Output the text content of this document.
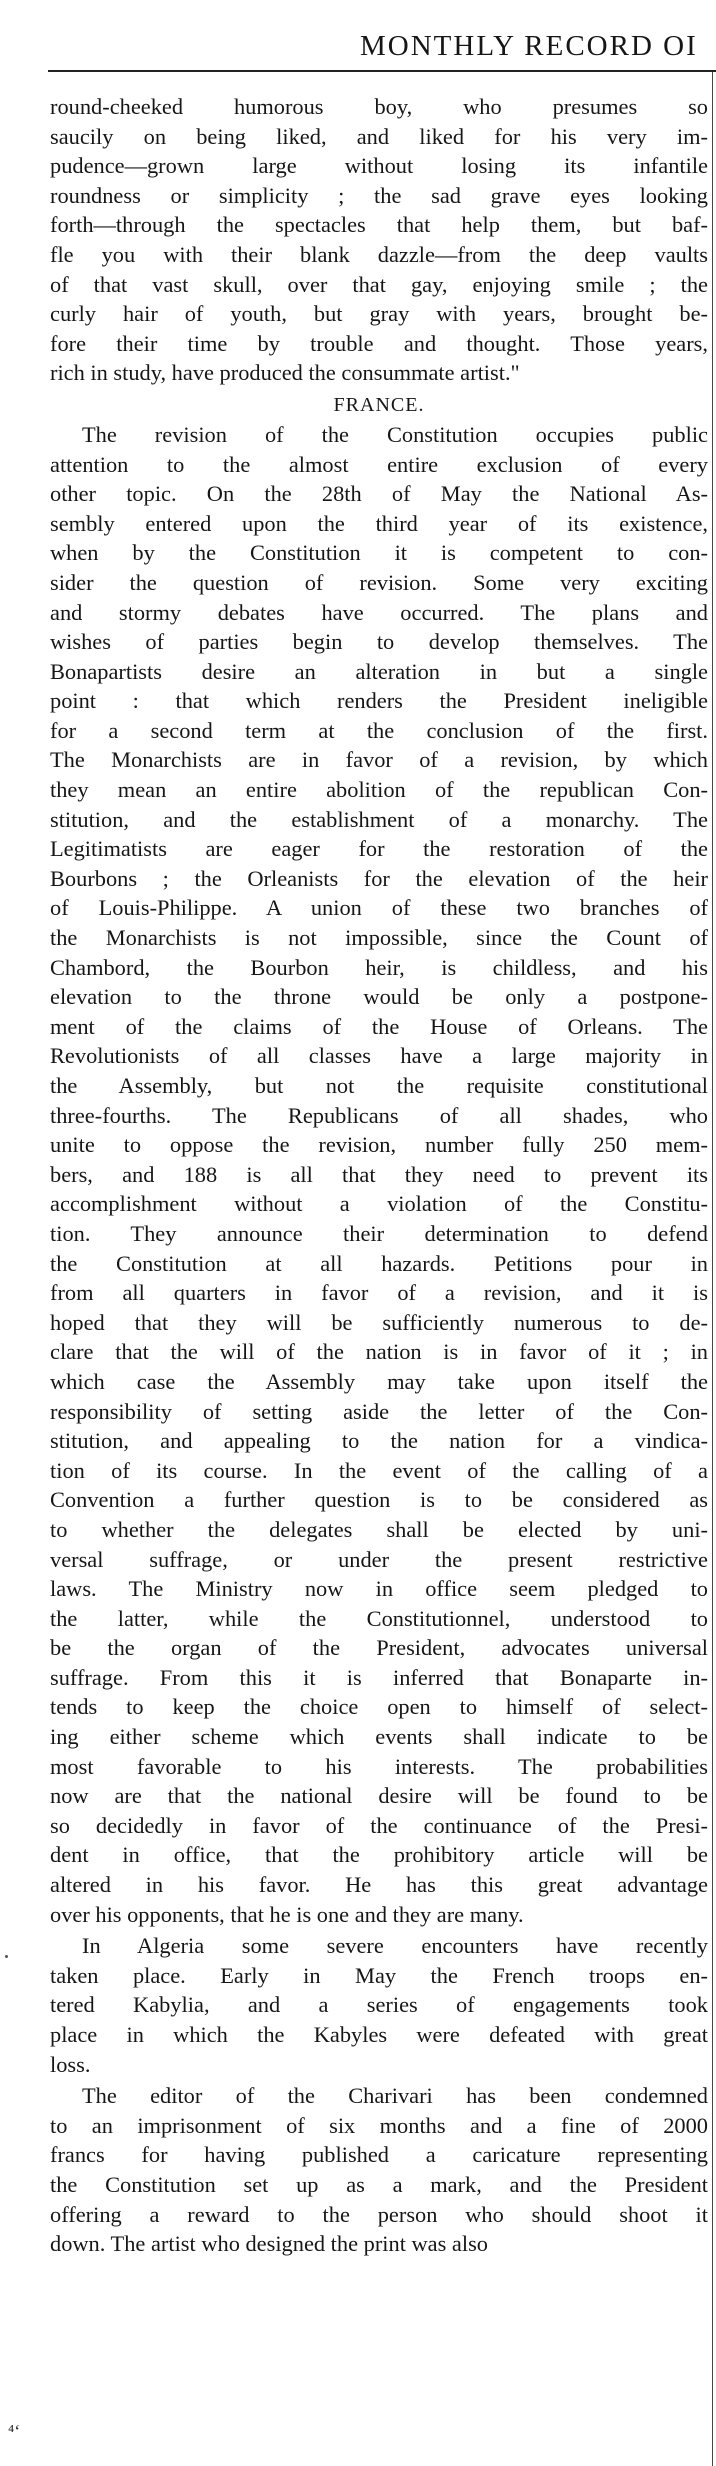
MONTHLY RECORD OI
round-cheeked humorous boy, who presumes so
saucily on being liked, and liked for his very im-
pudence—grown large without losing its infantile
roundness or simplicity ; the sad grave eyes looking
forth—through the spectacles that help them, but baf-
fle you with their blank dazzle—from the deep vaults
of that vast skull, over that gay, enjoying smile ; the
curly hair of youth, but gray with years, brought be-
fore their time by trouble and thought. Those years,
rich in study, have produced the consummate artist."
FRANCE.
The revision of the Constitution occupies public
attention to the almost entire exclusion of every
other topic. On the 28th of May the National As-
sembly entered upon the third year of its existence,
when by the Constitution it is competent to con-
sider the question of revision. Some very exciting
and stormy debates have occurred. The plans and
wishes of parties begin to develop themselves. The
Bonapartists desire an alteration in but a single
point : that which renders the President ineligible
for a second term at the conclusion of the first.
The Monarchists are in favor of a revision, by which
they mean an entire abolition of the republican Con-
stitution, and the establishment of a monarchy. The
Legitimatists are eager for the restoration of the
Bourbons ; the Orleanists for the elevation of the heir
of Louis-Philippe. A union of these two branches of
the Monarchists is not impossible, since the Count of
Chambord, the Bourbon heir, is childless, and his
elevation to the throne would be only a postpone-
ment of the claims of the House of Orleans. The
Revolutionists of all classes have a large majority in
the Assembly, but not the requisite constitutional
three-fourths. The Republicans of all shades, who
unite to oppose the revision, number fully 250 mem-
bers, and 188 is all that they need to prevent its
accomplishment without a violation of the Constitu-
tion. They announce their determination to defend
the Constitution at all hazards. Petitions pour in
from all quarters in favor of a revision, and it is
hoped that they will be sufficiently numerous to de-
clare that the will of the nation is in favor of it ; in
which case the Assembly may take upon itself the
responsibility of setting aside the letter of the Con-
stitution, and appealing to the nation for a vindica-
tion of its course. In the event of the calling of a
Convention a further question is to be considered as
to whether the delegates shall be elected by uni-
versal suffrage, or under the present restrictive
laws. The Ministry now in office seem pledged to
the latter, while the Constitutionnel, understood to
be the organ of the President, advocates universal
suffrage. From this it is inferred that Bonaparte in-
tends to keep the choice open to himself of select-
ing either scheme which events shall indicate to be
most favorable to his interests. The probabilities
now are that the national desire will be found to be
so decidedly in favor of the continuance of the Presi-
dent in office, that the prohibitory article will be
altered in his favor. He has this great advantage
over his opponents, that he is one and they are many.
In Algeria some severe encounters have recently
taken place. Early in May the French troops en-
tered Kabylia, and a series of engagements took
place in which the Kabyles were defeated with great
loss.
The editor of the Charivari has been condemned
to an imprisonment of six months and a fine of 2000
francs for having published a caricature representing
the Constitution set up as a mark, and the President
offering a reward to the person who should shoot it
down. The artist who designed the print was also
⁴‘
